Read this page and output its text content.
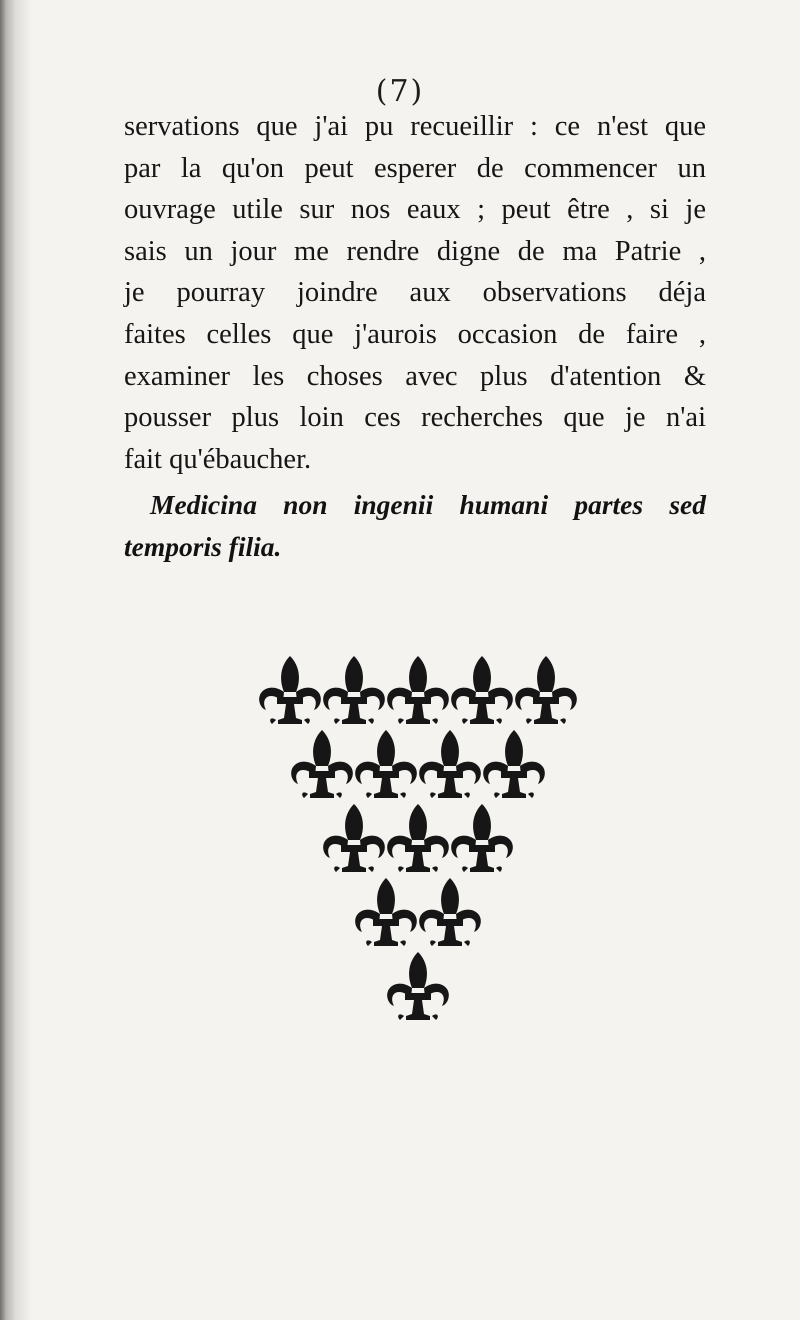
(7)
servations que j'ai pu recueillir : ce n'est que
par la qu'on peut esperer de commencer un
ouvrage utile sur nos eaux ; peut être , si je
sais un jour me rendre digne de ma Patrie ,
je pourray joindre aux observations déja
faites celles que j'aurois occasion de faire ,
examiner les choses avec plus d'atention &
pousser plus loin ces recherches que je n'ai
fait qu'ébaucher.
Medicina non ingenii humani partes sed
temporis filia.
